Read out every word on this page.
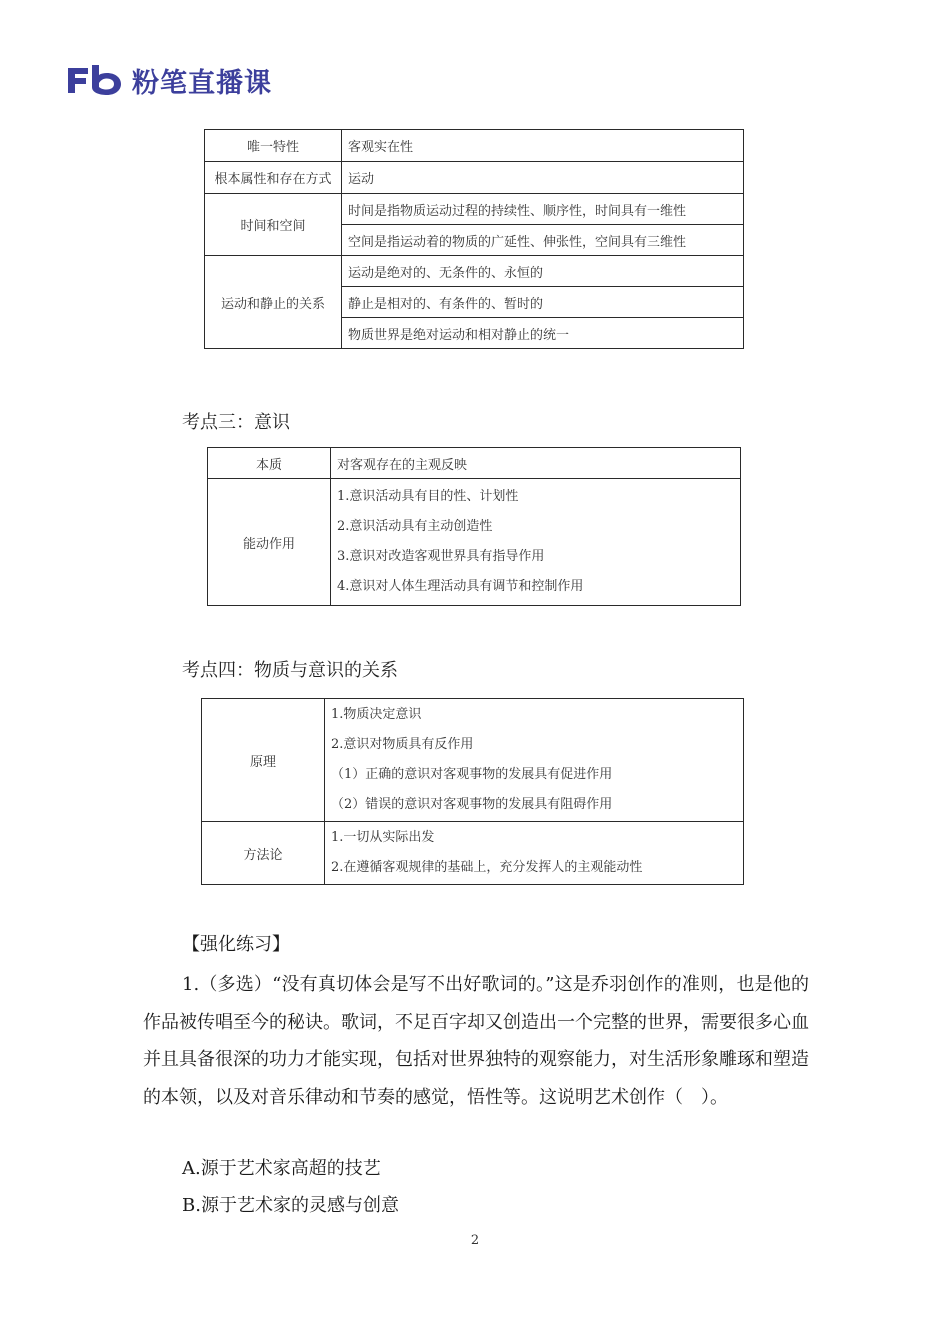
粉笔直播课
唯一特性	客观实在性
根本属性和存在方式	运动
时间和空间	时间是指物质运动过程的持续性、顺序性，时间具有一维性
	空间是指运动着的物质的广延性、伸张性，空间具有三维性
运动和静止的关系	运动是绝对的、无条件的、永恒的
	静止是相对的、有条件的、暂时的
	物质世界是绝对运动和相对静止的统一
考点三：意识
本质	对客观存在的主观反映
能动作用	1.意识活动具有目的性、计划性
2.意识活动具有主动创造性
3.意识对改造客观世界具有指导作用
4.意识对人体生理活动具有调节和控制作用
考点四：物质与意识的关系
原理	1.物质决定意识
2.意识对物质具有反作用
（1）正确的意识对客观事物的发展具有促进作用
（2）错误的意识对客观事物的发展具有阻碍作用

方法论	1.一切从实际出发
2.在遵循客观规律的基础上，充分发挥人的主观能动性
【强化练习】
1.（多选）“没有真切体会是写不出好歌词的。”这是乔羽创作的准则，也是他的作品被传唱至今的秘诀。歌词，不足百字却又创造出一个完整的世界，需要很多心血并且具备很深的功力才能实现，包括对世界独特的观察能力，对生活形象雕琢和塑造的本领，以及对音乐律动和节奏的感觉，悟性等。这说明艺术创作（　）。
A.源于艺术家高超的技艺
B.源于艺术家的灵感与创意
2
